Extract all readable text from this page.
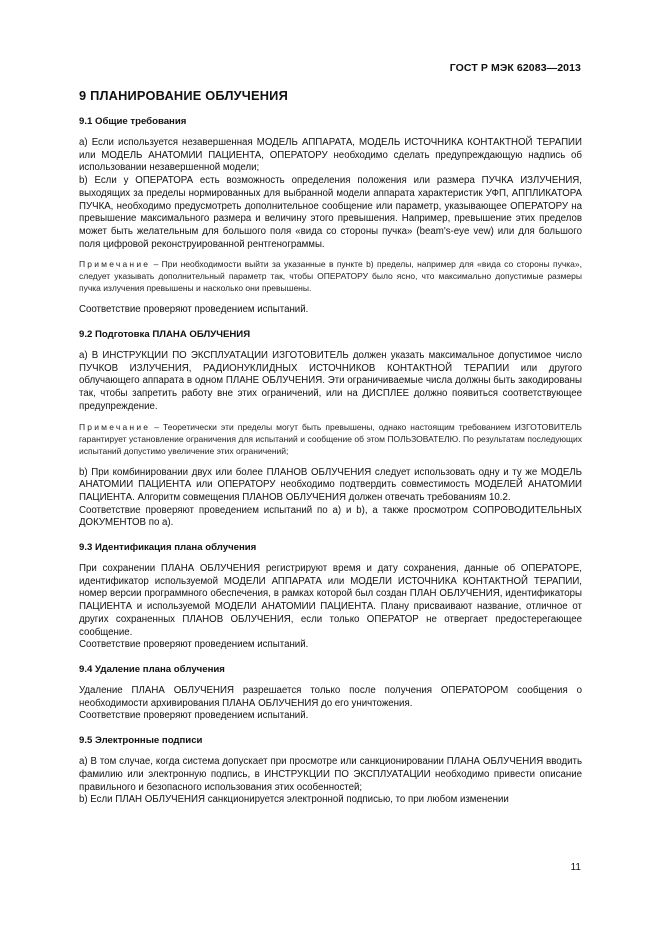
ГОСТ Р МЭК 62083—2013
9 ПЛАНИРОВАНИЕ ОБЛУЧЕНИЯ
9.1 Общие требования

a) Если используется незавершенная МОДЕЛЬ АППАРАТА, МОДЕЛЬ ИСТОЧНИКА КОНТАКТНОЙ ТЕРАПИИ или МОДЕЛЬ АНАТОМИИ ПАЦИЕНТА, ОПЕРАТОРУ необходимо сделать предупреждающую надпись об использовании незавершенной модели;

b) Если у ОПЕРАТОРА есть возможность определения положения или размера ПУЧКА ИЗЛУЧЕНИЯ, выходящих за пределы нормированных для выбранной модели аппарата характеристик УФП, АППЛИКАТОРА ПУЧКА, необходимо предусмотреть дополнительное сообщение или параметр, указывающее ОПЕРАТОРУ на превышение максимального размера и величину этого превышения. Например, превышение этих пределов может быть желательным для большого поля «вида со стороны пучка» (beam's-eye vew) или для большого поля цифровой реконструированной рентгенограммы.

Примечание – При необходимости выйти за указанные в пункте b) пределы, например для «вида со стороны пучка», следует указывать дополнительный параметр так, чтобы ОПЕРАТОРУ было ясно, что максимально допустимые размеры пучка излучения превышены и насколько они превышены.

Соответствие проверяют проведением испытаний.

9.2 Подготовка ПЛАНА ОБЛУЧЕНИЯ

a) В ИНСТРУКЦИИ ПО ЭКСПЛУАТАЦИИ ИЗГОТОВИТЕЛЬ должен указать максимальное допустимое число ПУЧКОВ ИЗЛУЧЕНИЯ, РАДИОНУКЛИДНЫХ ИСТОЧНИКОВ КОНТАКТНОЙ ТЕРАПИИ или другого облучающего аппарата в одном ПЛАНЕ ОБЛУЧЕНИЯ. Эти ограничиваемые числа должны быть закодированы так, чтобы запретить работу вне этих ограничений, или на ДИСПЛЕЕ должно появиться соответствующее предупреждение.

Примечание – Теоретически эти пределы могут быть превышены, однако настоящим требованием ИЗГОТОВИТЕЛЬ гарантирует установление ограничения для испытаний и сообщение об этом ПОЛЬЗОВАТЕЛЮ. По результатам последующих испытаний допустимо увеличение этих ограничений;

b) При комбинировании двух или более ПЛАНОВ ОБЛУЧЕНИЯ следует использовать одну и ту же МОДЕЛЬ АНАТОМИИ ПАЦИЕНТА или ОПЕРАТОРУ необходимо подтвердить совместимость МОДЕЛЕЙ АНАТОМИИ ПАЦИЕНТА. Алгоритм совмещения ПЛАНОВ ОБЛУЧЕНИЯ должен отвечать требованиям 10.2.

Соответствие проверяют проведением испытаний по a) и b), а также просмотром СОПРОВОДИТЕЛЬНЫХ ДОКУМЕНТОВ по a).

9.3 Идентификация плана облучения

При сохранении ПЛАНА ОБЛУЧЕНИЯ регистрируют время и дату сохранения, данные об ОПЕРАТОРЕ, идентификатор используемой МОДЕЛИ АППАРАТА или МОДЕЛИ ИСТОЧНИКА КОНТАКТНОЙ ТЕРАПИИ, номер версии программного обеспечения, в рамках которой был создан ПЛАН ОБЛУЧЕНИЯ, идентификаторы ПАЦИЕНТА и используемой МОДЕЛИ АНАТОМИИ ПАЦИЕНТА. Плану присваивают название, отличное от других сохраненных ПЛАНОВ ОБЛУЧЕНИЯ, если только ОПЕРАТОР не отвергает предостерегающее сообщение.

Соответствие проверяют проведением испытаний.

9.4 Удаление плана облучения

Удаление ПЛАНА ОБЛУЧЕНИЯ разрешается только после получения ОПЕРАТОРОМ сообщения о необходимости архивирования ПЛАНА ОБЛУЧЕНИЯ до его уничтожения.

Соответствие проверяют проведением испытаний.

9.5 Электронные подписи

a) В том случае, когда система допускает при просмотре или санкционировании ПЛАНА ОБЛУЧЕНИЯ вводить фамилию или электронную подпись, в ИНСТРУКЦИИ ПО ЭКСПЛУАТАЦИИ необходимо привести описание правильного и безопасного использования этих особенностей;

b) Если ПЛАН ОБЛУЧЕНИЯ санкционируется электронной подписью, то при любом изменении

11
